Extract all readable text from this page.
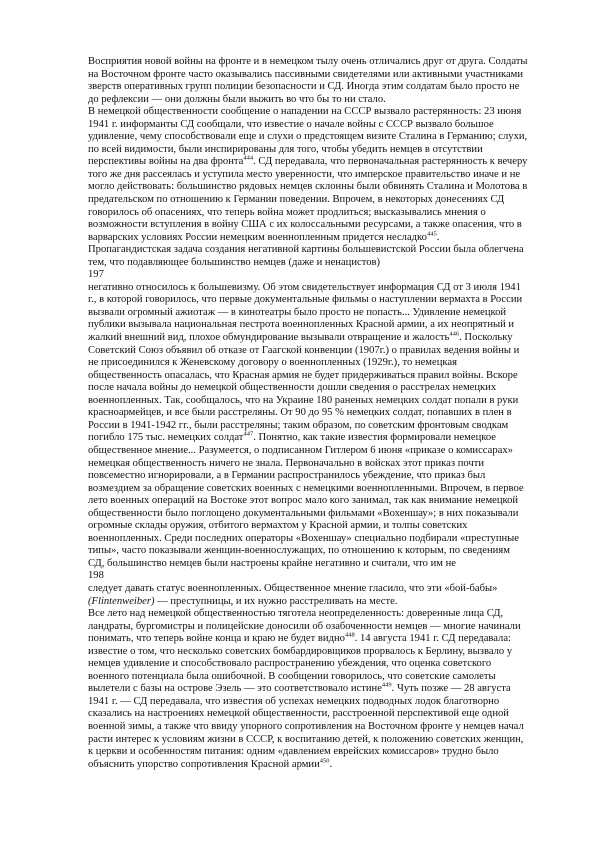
Восприятия новой войны на фронте и в немецком тылу очень отличались друг от друга. Солдаты на Восточном фронте часто оказывались пассивными свидетелями или активными участниками зверств оперативных групп полиции безопасности и СД. Иногда этим солдатам было просто не до рефлексии — они должны были выжить во что бы то ни стало.

В немецкой общественности сообщение о нападении на СССР вызвало растерянность: 23 июня 1941 г. информанты СД сообщали, что известие о начале войны с СССР вызвало большое удивление, чему способствовали еще и слухи о предстоящем визите Сталина в Германию; слухи, по всей видимости, были инспирированы для того, чтобы убедить немцев в отсутствии перспективы войны на два фронта$^{444}$. СД передавала, что первоначальная растерянность к вечеру того же дня рассеялась и уступила место уверенности, что имперское правительство иначе и не могло действовать: большинство рядовых немцев склонны были обвинять Сталина и Молотова в предательском по отношению к Германии поведении. Впрочем, в некоторых донесениях СД говорилось об опасениях, что теперь война может продлиться; высказывались мнения о возможности вступления в войну США с их колоссальными ресурсами, а также опасения, что в варварских условиях России немецким военнопленным придется несладко$^{445}$.

Пропагандистская задача создания негативной картины большевистской России была облегчена тем, что подавляющее большинство немцев (даже и ненацистов)

197

негативно относилось к большевизму. Об этом свидетельствует информация СД от 3 июля 1941 г., в которой говорилось, что первые документальные фильмы о наступлении вермахта в России вызвали огромный ажиотаж — в кинотеатры было просто не попасть... Удивление немецкой публики вызывала национальная пестрота военнопленных Красной армии, а их неопрятный и жалкий внешний вид, плохое обмундирование вызывали отвращение и жалость$^{446}$. Поскольку Советский Союз объявил об отказе от Гаагской конвенции (1907г.) о правилах ведения войны и не присоединился к Женевскому договору о военнопленных (1929г.), то немецкая общественность опасалась, что Красная армия не будет придерживаться правил войны. Вскоре после начала войны до немецкой общественности дошли сведения о расстрелах немецких военнопленных. Так, сообщалось, что на Украине 180 раненых немецких солдат попали в руки красноармейцев, и все были расстреляны. От 90 до 95 % немецких солдат, попавших в плен в России в 1941-1942 гг., были расстреляны; таким образом, по советским фронтовым сводкам погибло 175 тыс. немецких солдат$^{447}$. Понятно, как такие известия формировали немецкое общественное мнение... Разумеется, о подписанном Гитлером 6 июня «приказе о комиссарах» немецкая общественность ничего не знала. Первоначально в войсках этот приказ почти повсеместно игнорировали, а в Германии распространилось убеждение, что приказ был возмездием за обращение советских военных с немецкими военнопленными. Впрочем, в первое лето военных операций на Востоке этот вопрос мало кого занимал, так как внимание немецкой общественности было поглощено документальными фильмами «Вохеншау»; в них показывали огромные склады оружия, отбитого вермахтом у Красной армии, и толпы советских военнопленных. Среди последних операторы «Вохеншау» специально подбирали «преступные типы», часто показывали женщин-военнослужащих, по отношению к которым, по сведениям СД, большинство немцев были настроены крайне негативно и считали, что им не

198

следует давать статус военнопленных. Общественное мнение гласило, что эти «бой-бабы» (Flintenweiber) — преступницы, и их нужно расстреливать на месте.

Все лето над немецкой общественностью тяготела неопределенность: доверенные лица СД, ландраты, бургомистры и полицейские доносили об озабоченности немцев — многие начинали понимать, что теперь войне конца и краю не будет видно$^{448}$. 14 августа 1941 г. СД передавала: известие о том, что несколько советских бомбардировщиков прорвалось к Берлину, вызвало у немцев удивление и способствовало распространению убеждения, что оценка советского военного потенциала была ошибочной. В сообщении говорилось, что советские самолеты вылетели с базы на острове Эзель — это соответствовало истине$^{449}$. Чуть позже — 28 августа 1941 г. — СД передавала, что известия об успехах немецких подводных лодок благотворно сказались на настроениях немецкой общественности, расстроенной перспективой еще одной военной зимы, а также что ввиду упорного сопротивления на Восточном фронте у немцев начал расти интерес к условиям жизни в СССР, к воспитанию детей, к положению советских женщин, к церкви и особенностям питания: одним «давлением еврейских комиссаров» трудно было объяснить упорство сопротивления Красной армии$^{450}$.
